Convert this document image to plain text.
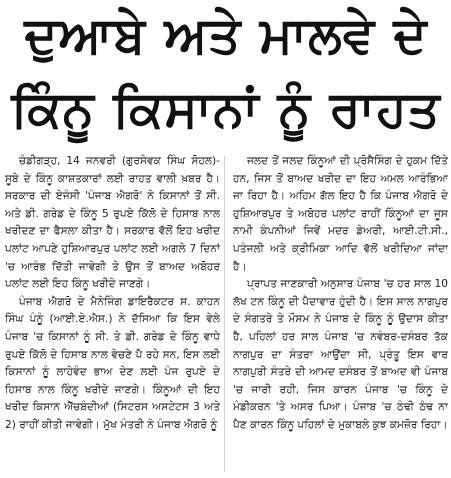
ਦੁਆਬੇ ਅਤੇ ਮਾਲਵੇ ਦੇ
ਕਿੰਨੂ ਕਿਸਾਨਾਂ ਨੂੰ ਰਾਹਤ

ਚੰਡੀਗੜ੍ਹ, 14 ਜਨਵਰੀ (ਗੁਰਸੇਵਕ ਸਿੰਘ ਸੋਹਲ)-ਸੂਬੇ ਦੇ ਕਿੰਨੂ ਕਾਸ਼ਤਕਾਰਾਂ ਲਈ ਰਾਹਤ ਵਾਲੀ ਖ਼ਬਰ ਹੈ। ਸਰਕਾਰ ਦੀ ਏਜੰਸੀ 'ਪੰਜਾਬ ਐਗਰੋ' ਨੇ ਕਿਸਾਨਾਂ ਤੋਂ ਸੀ. ਅਤੇ ਡੀ. ਗਰੇਡ ਦੇ ਕਿੰਨੂ 5 ਰੁਪਏ ਕਿੱਲੋ ਦੇ ਹਿਸਾਬ ਨਾਲ ਖਰੀਦਣ ਦਾ ਫੈਸਲਾ ਕੀਤਾ ਹੈ। ਸਰਕਾਰ ਵੱਲੋਂ ਇਹ ਖਰੀਦ ਪਲਾਂਟ ਆਪਣੇ ਹੁਸ਼ਿਆਰਪੁਰ ਪਲਾਂਟ ਲਈ ਅਗਲੇ 7 ਦਿਨਾਂ 'ਚ ਆਰੰਭ ਦਿੱਤੀ ਜਾਵੇਗੀ ਤੇ ਉਸ ਤੋਂ ਬਾਅਦ ਅਬੋਹਰ ਪਲਾਂਟ ਲਈ ਇਹ ਕਿੰਨੂ ਖਰੀਦੇ ਜਾਣਗੇ।

ਪੰਜਾਬ ਐਗਰੋ ਦੇ ਮੈਨੇਜਿੰਗ ਡਾਇਰੈਕਟਰ ਸ. ਕਾਹਨ ਸਿੰਘ ਪੰਨੂੰ (ਆਈ.ਏ.ਐਸ.) ਨੇ ਦੱਸਿਆ ਕਿ ਇਸ ਵੇਲੇ ਪੰਜਾਬ 'ਚ ਕਿਸਾਨਾਂ ਨੂੰ ਸੀ. ਤੇ ਡੀ. ਗਰੇਡ ਦੇ ਕਿੰਨੂ ਵਾਧੇ ਰੁਪਏ ਕਿੱਲੋ ਦੇ ਹਿਸਾਬ ਨਾਲ ਵੇਚਣੇ ਪੈ ਰਹੇ ਸਨ, ਇਸ ਲਈ ਕਿਸਾਨਾਂ ਨੂੰ ਲਾਹੇਵੰਦ ਭਾਅ ਦੇਣ ਲਈ ਪੰਜ ਰੁਪਏ ਦੇ ਹਿਸਾਬ ਨਾਲ ਕਿੰਨੂ ਖਰੀਦੇ ਜਾਣਗੇ। ਕਿੰਨੂਆਂ ਦੀ ਇਹ ਖਰੀਦ ਕਿਸਾਨ ਐੱਚਬੰਦੀਆਂ (ਸਿਟਰਸ ਅਸਟੇਟਸ 3 ਅਤੇ 2) ਰਾਹੀਂ ਕੀਤੀ ਜਾਵੇਗੀ। ਮੁੱਖ ਮੰਤਰੀ ਨੇ ਪੰਜਾਬ ਐਗਰੋ ਨੂੰ

ਜਲਦ ਤੋਂ ਜਲਦ ਕਿੰਨੂਆਂ ਦੀ ਪ੍ਰੋਸੈਸਿੰਗ ਦੇ ਹੁਕਮ ਦਿੱਤੇ ਹਨ, ਜਿਸ ਤੋਂ ਬਾਅਦ ਖਰੀਦ ਦਾ ਇਹ ਅਮਲ ਆਰੰਭਿਆ ਜਾ ਰਿਹਾ ਹੈ। ਅਹਿਮ ਗੱਲ ਇਹ ਹੈ ਕਿ ਪੰਜਾਬ ਐਗਰੋ ਦੇ ਹੁਸ਼ਿਆਰਪੁਰ ਤੇ ਅਬੋਹਰ ਪਲਾਂਟ ਰਾਹੀਂ ਕਿੰਨੂਆਂ ਦਾ ਜੂਸ ਨਾਮੀ ਕੰਪਨੀਆਂ ਜਿਵੇਂ ਮਦਰ ਡੇਅਰੀ, ਆਈ.ਟੀ.ਸੀ., ਪਤੰਜਲੀ ਅਤੇ ਕ੍ਰੀਮਿਕਾ ਆਦਿ ਵੱਲੋਂ ਖਰੀਦਿਆ ਜਾਂਦਾ ਹੈ।

ਪ੍ਰਾਪਤ ਜਾਣਕਾਰੀ ਅਨੁਸਾਰ ਪੰਜਾਬ 'ਚ ਹਰ ਸਾਲ 10 ਲੱਖ ਟਨ ਕਿੰਨੂ ਦੀ ਪੈਦਾਵਾਰ ਹੁੰਦੀ ਹੈ। ਇਸ ਸਾਲ ਨਾਗਪੁਰ ਦੇ ਸੰਗਤਰੇ ਤੇ ਮੌਸਮ ਨੇ ਪੰਜਾਬ ਦੇ ਕਿੰਨੂ ਨੂੰ ਉਦਾਸ ਕੀਤਾ ਹੈ, ਪਹਿਲਾਂ ਹਰ ਸਾਲ ਪੰਜਾਬ 'ਚ ਨਵੰਬਰ-ਦਸੰਬਰ ਤੱਕ ਨਾਗਪੁਰ ਦਾ ਸੰਤਰਾ ਆਉਂਦਾ ਸੀ, ਪ੍ਰੰਤੂ ਇਸ ਵਾਰ ਨਾਗਪੁਰੀ ਸੰਤਰੇ ਦੀ ਆਮਦ ਦਸੰਬਰ ਤੋਂ ਬਾਅਦ ਵੀ ਪੰਜਾਬ 'ਚ ਜਾਰੀ ਰਹੀ, ਜਿਸ ਕਾਰਨ ਪੰਜਾਬ 'ਚ ਕਿੰਨੂ ਦੇ ਮੰਡੀਕਰਨ 'ਤੇ ਅਸਰ ਪਿਆ। ਪੰਜਾਬ 'ਚ ਠੰਢੀ ਠੰਢ ਨਾ ਪੈਣ ਕਾਰਨ ਕਿੰਨੂ ਪਹਿਲਾਂ ਦੇ ਮੁਕਾਬਲੇ ਕੁਝ ਕਮਜ਼ੋਰ ਰਿਹਾ।
